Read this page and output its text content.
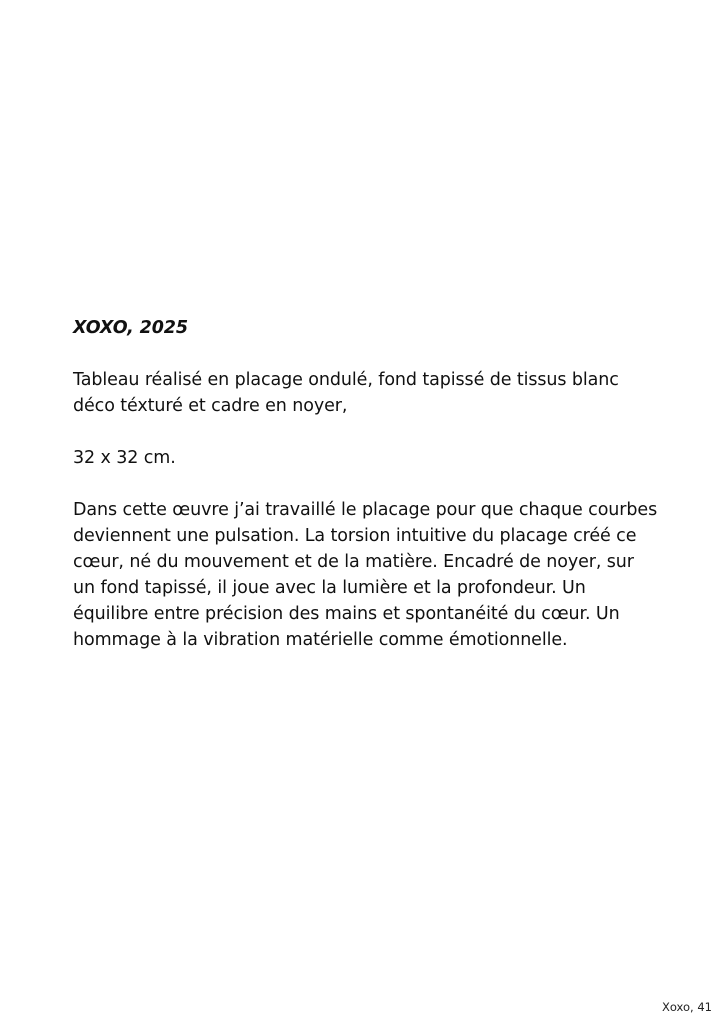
XOXO, 2025

Tableau réalisé en placage ondulé, fond tapissé de tissus blanc déco téxturé et cadre en noyer,

32 x 32 cm.

Dans cette œuvre j’ai travaillé le placage pour que chaque courbes deviennent une pulsation. La torsion intuitive du placage créé ce cœur, né du mouvement et de la matière. Encadré de noyer, sur un fond tapissé, il joue avec la lumière et la profondeur. Un équilibre entre précision des mains et spontanéité du cœur. Un hommage à la vibration matérielle comme émotionnelle.

Xoxo, 41
